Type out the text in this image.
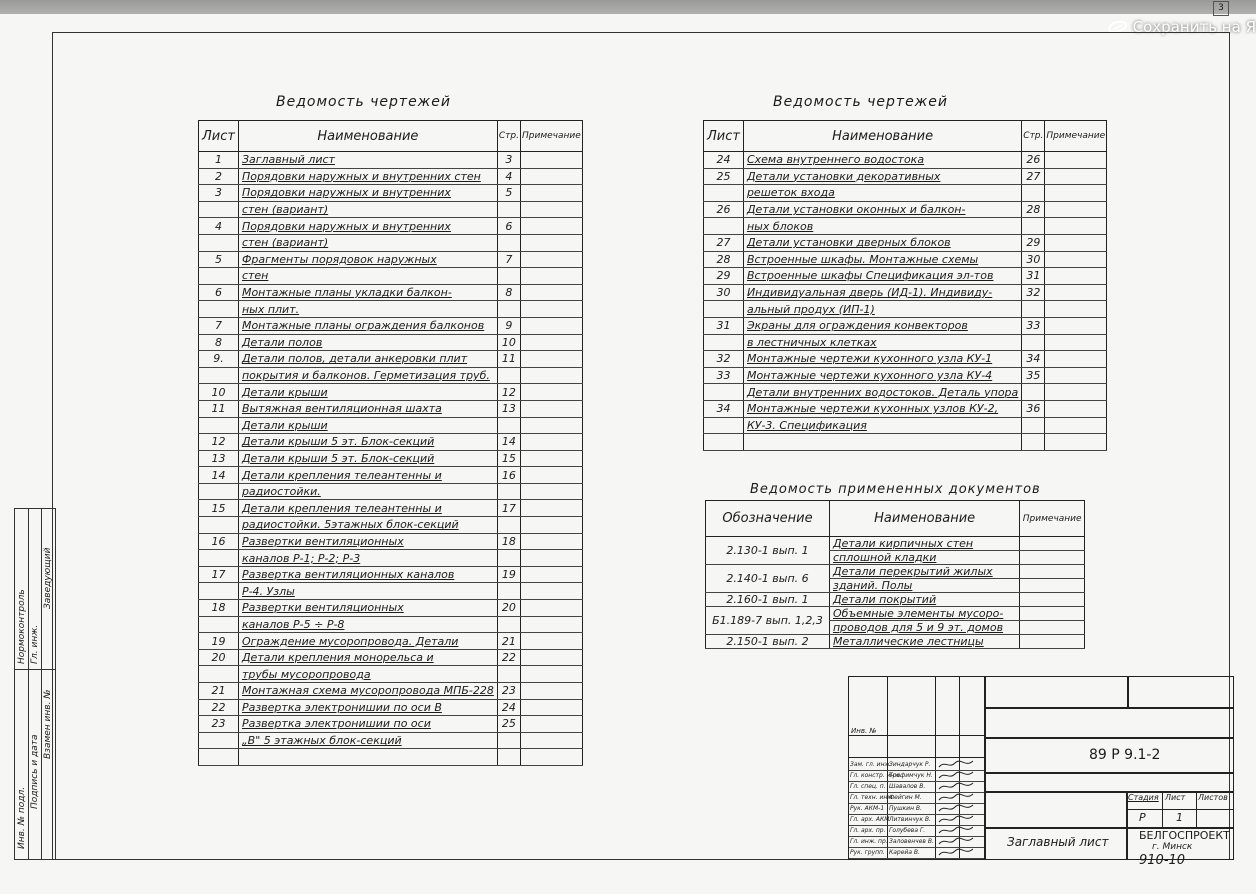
3
Сохранить на Я
Ведомость чертежей	Ведомость чертежей
Ведомость примененных документов
Лист	Наименование	Стр.	Примечание
1	Заглавный лист	3	
2	Порядовки наружных и внутренних стен	4	
3	Порядовки наружных и внутренних	5	
	стен (вариант)		
4	Порядовки наружных и внутренних	6	
	стен (вариант)		
5	Фрагменты порядовок наружных	7	
	стен		
6	Монтажные планы укладки балкон-	8	
	ных плит.		
7	Монтажные планы ограждения балконов	9	
8	Детали полов	10	
9.	Детали полов, детали анкеровки плит	11	
	покрытия и балконов. Герметизация труб.		
10	Детали крыши	12	
11	Вытяжная вентиляционная шахта	13	
	Детали крыши		
12	Детали крыши 5 эт. Блок-секций	14	
13	Детали крыши 5 эт. Блок-секций	15	
14	Детали крепления телеантенны и	16	
	радиостойки.		
15	Детали крепления телеантенны и	17	
	радиостойки. 5этажных блок-секций		
16	Развертки вентиляционных	18	
	каналов Р-1; Р-2; Р-3		
17	Развертка вентиляционных каналов	19	
	Р-4. Узлы		
18	Развертки вентиляционных	20	
	каналов Р-5 ÷ Р-8		
19	Ограждение мусоропровода. Детали	21	
20	Детали крепления монорельса и	22	
	трубы мусоропровода		
21	Монтажная схема мусоропровода МПБ-228	23	
22	Развертка электронишии по оси В	24	
23	Развертка электронишии по оси	25	
	„В" 5 этажных блок-секций		

Лист	Наименование	Стр.	Примечание
24	Схема внутреннего водостока	26	
25	Детали установки декоративных	27	
	решеток входа		
26	Детали установки оконных и балкон-	28	
	ных блоков		
27	Детали установки дверных блоков	29	
28	Встроенные шкафы. Монтажные схемы	30	
29	Встроенные шкафы Спецификация эл-тов	31	
30	Индивидуальная дверь (ИД-1). Индивиду-	32	
	альный продух (ИП-1)		
31	Экраны для ограждения конвекторов	33	
	в лестничных клетках		
32	Монтажные чертежи кухонного узла КУ-1	34	
33	Монтажные чертежи кухонного узла КУ-4	35	
	Детали внутренних водостоков. Деталь упора		
34	Монтажные чертежи кухонных узлов КУ-2,	36	
	КУ-3. Спецификация		

Обозначение	Наименование	Примечание
2.130-1 вып. 1	Детали кирпичных стен	
	сплошной кладки	
2.140-1 вып. 6	Детали перекрытий жилых	
	зданий. Полы	
2.160-1 вып. 1	Детали покрытий	
Б1.189-7 вып. 1,2,3	Объемные элементы мусоро-	
	проводов для 5 и 9 эт. домов	
2.150-1 вып. 2	Металлические лестницы	
Инв. №
89 Р 9.1-2
Стадия Лист Листов
Р	1
Заглавный лист	БЕЛГОСПРОЕКТ
г. Минск
910-10
Зам. гл. инж.
Зиндарчук Р.
Гл. констр. инж.
Трофимчук Н.
Гл. спец. п. Шавалов В.
Гл. техн. инж.
Фейгин М.
Рук. АКМ-1 Пушкин В.
Гл. арх. АКМ Литвинчук В.
Гл. арх. пр. Голубева Г.
Гл. инж. пр. Заловенчев В.
Рук. групп. Карейа В.
Нормоконтроль Гл. инж.
Заведующий
Инв. № подл.
Подпись и дата
Взамен инв. №
